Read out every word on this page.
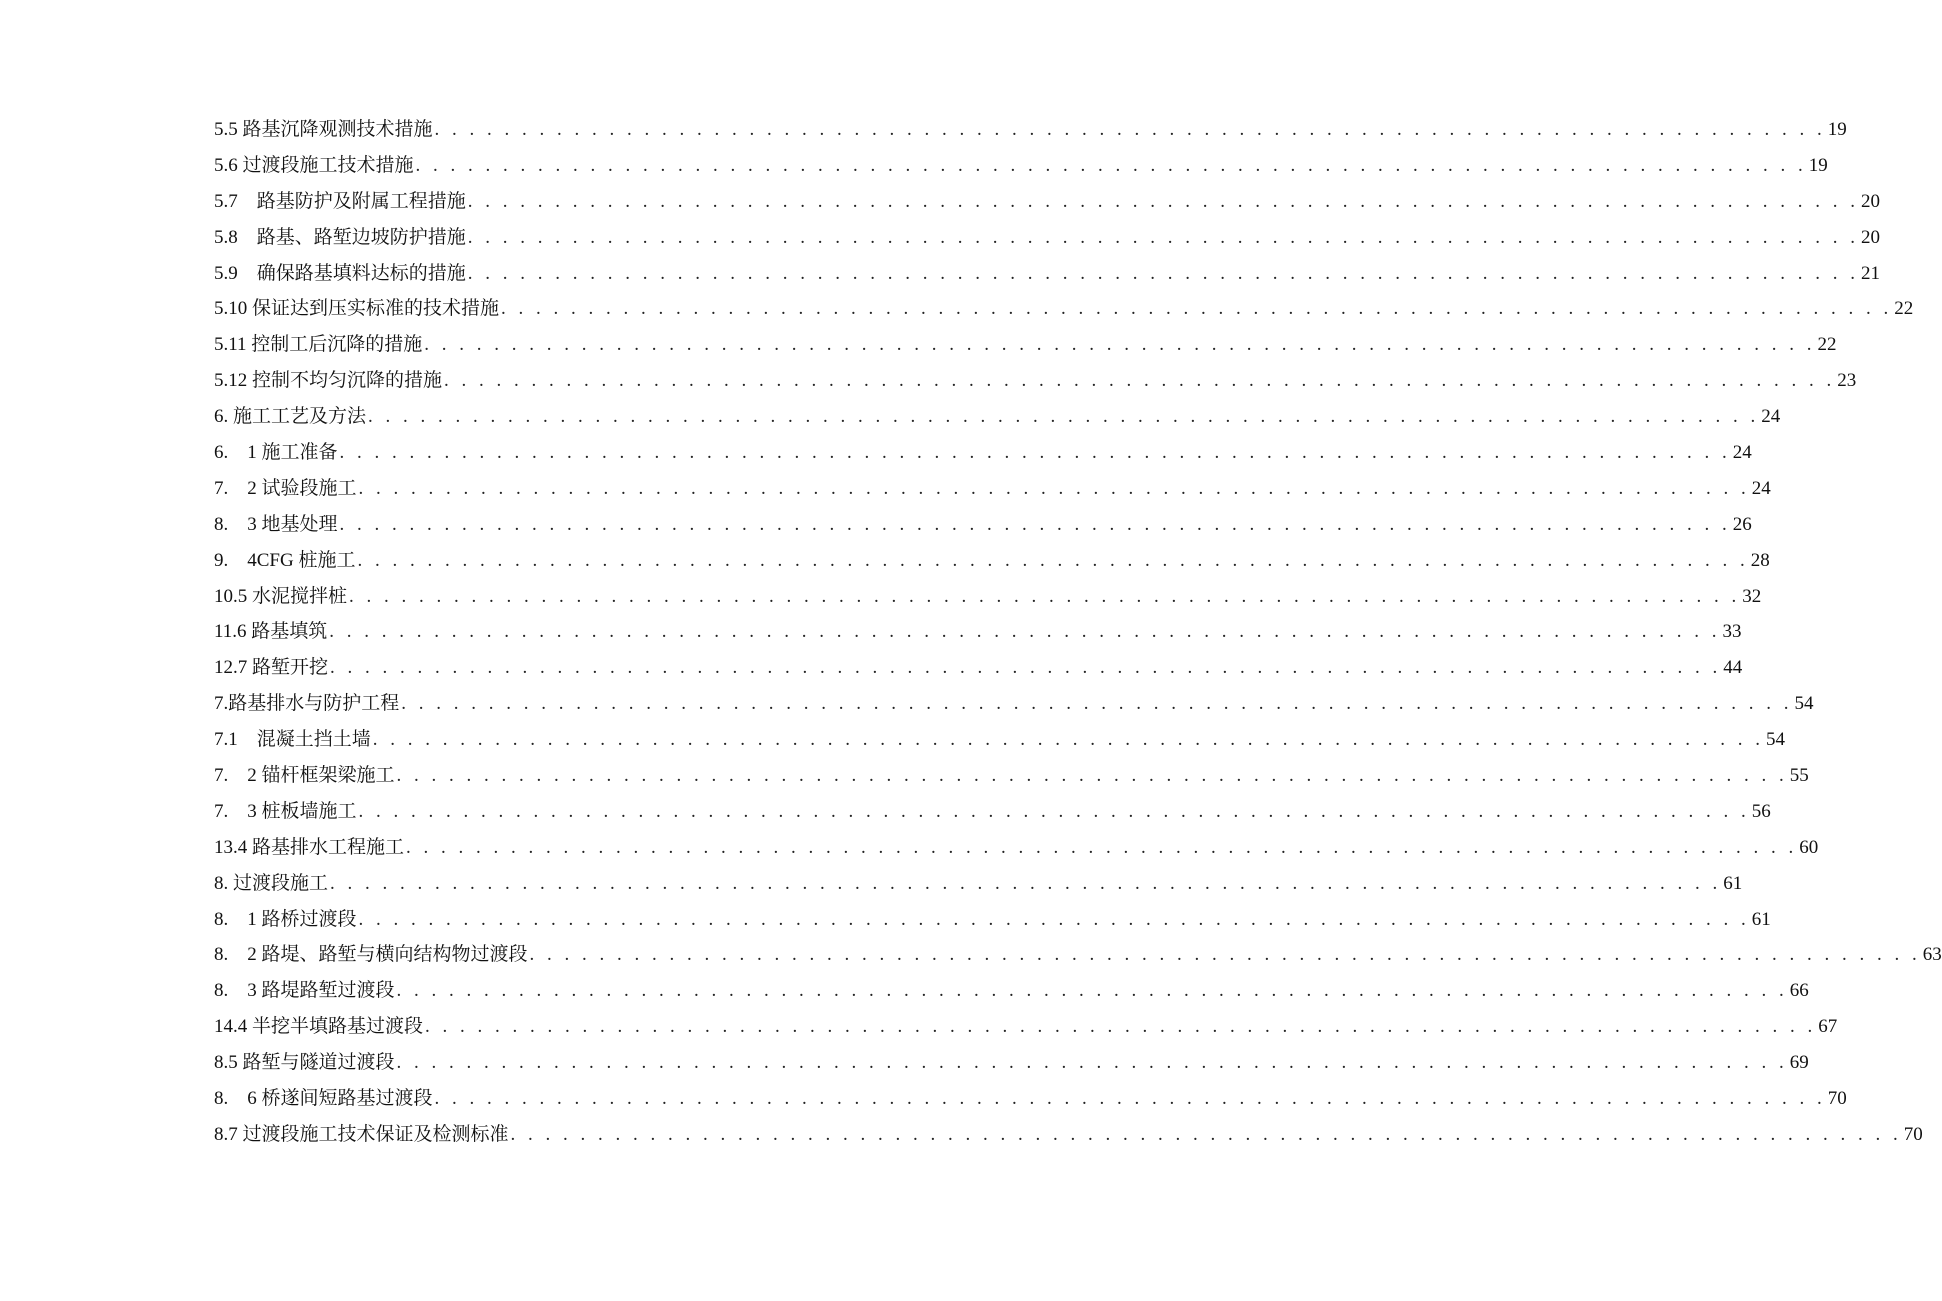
5.5 路基沉降观测技术措施 . . . . . . . . . . . . . . . . . . . . . . . . . . . . . . . . . . . . . . . . . . . . . . . . . . . . . . . . . . . . . . . . . . . . . . . . . . . . . . . . 19
5.6 过渡段施工技术措施 . . . . . . . . . . . . . . . . . . . . . . . . . . . . . . . . . . . . . . . . . . . . . . . . . . . . . . . . . . . . . . . . . . . . . . . . . . . . . . . . 19
5.7　路基防护及附属工程措施 . . . . . . . . . . . . . . . . . . . . . . . . . . . . . . . . . . . . . . . . . . . . . . . . . . . . . . . . . . . . . . . . . . . . . . . . . . . . . . . . 20
5.8　路基、路堑边坡防护措施 . . . . . . . . . . . . . . . . . . . . . . . . . . . . . . . . . . . . . . . . . . . . . . . . . . . . . . . . . . . . . . . . . . . . . . . . . . . . . . . . 20
5.9　确保路基填料达标的措施 . . . . . . . . . . . . . . . . . . . . . . . . . . . . . . . . . . . . . . . . . . . . . . . . . . . . . . . . . . . . . . . . . . . . . . . . . . . . . . . . 21
5.10 保证达到压实标准的技术措施 . . . . . . . . . . . . . . . . . . . . . . . . . . . . . . . . . . . . . . . . . . . . . . . . . . . . . . . . . . . . . . . . . . . . . . . . . . . . . . . . 22
5.11 控制工后沉降的措施 . . . . . . . . . . . . . . . . . . . . . . . . . . . . . . . . . . . . . . . . . . . . . . . . . . . . . . . . . . . . . . . . . . . . . . . . . . . . . . . . 22
5.12 控制不均匀沉降的措施 . . . . . . . . . . . . . . . . . . . . . . . . . . . . . . . . . . . . . . . . . . . . . . . . . . . . . . . . . . . . . . . . . . . . . . . . . . . . . . . . 23
6. 施工工艺及方法 . . . . . . . . . . . . . . . . . . . . . . . . . . . . . . . . . . . . . . . . . . . . . . . . . . . . . . . . . . . . . . . . . . . . . . . . . . . . . . . . 24
6.　1 施工准备 . . . . . . . . . . . . . . . . . . . . . . . . . . . . . . . . . . . . . . . . . . . . . . . . . . . . . . . . . . . . . . . . . . . . . . . . . . . . . . . . 24
7.　2 试验段施工 . . . . . . . . . . . . . . . . . . . . . . . . . . . . . . . . . . . . . . . . . . . . . . . . . . . . . . . . . . . . . . . . . . . . . . . . . . . . . . . . 24
8.　3 地基处理 . . . . . . . . . . . . . . . . . . . . . . . . . . . . . . . . . . . . . . . . . . . . . . . . . . . . . . . . . . . . . . . . . . . . . . . . . . . . . . . . 26
9.　4CFG 桩施工 . . . . . . . . . . . . . . . . . . . . . . . . . . . . . . . . . . . . . . . . . . . . . . . . . . . . . . . . . . . . . . . . . . . . . . . . . . . . . . . . 28
10.5 水泥搅拌桩 . . . . . . . . . . . . . . . . . . . . . . . . . . . . . . . . . . . . . . . . . . . . . . . . . . . . . . . . . . . . . . . . . . . . . . . . . . . . . . . . 32
11.6 路基填筑 . . . . . . . . . . . . . . . . . . . . . . . . . . . . . . . . . . . . . . . . . . . . . . . . . . . . . . . . . . . . . . . . . . . . . . . . . . . . . . . . 33
12.7 路堑开挖 . . . . . . . . . . . . . . . . . . . . . . . . . . . . . . . . . . . . . . . . . . . . . . . . . . . . . . . . . . . . . . . . . . . . . . . . . . . . . . . . 44
7.路基排水与防护工程 . . . . . . . . . . . . . . . . . . . . . . . . . . . . . . . . . . . . . . . . . . . . . . . . . . . . . . . . . . . . . . . . . . . . . . . . . . . . . . . . 54
7.1　混凝土挡土墙 . . . . . . . . . . . . . . . . . . . . . . . . . . . . . . . . . . . . . . . . . . . . . . . . . . . . . . . . . . . . . . . . . . . . . . . . . . . . . . . . 54
7.　2 锚杆框架梁施工 . . . . . . . . . . . . . . . . . . . . . . . . . . . . . . . . . . . . . . . . . . . . . . . . . . . . . . . . . . . . . . . . . . . . . . . . . . . . . . . . 55
7.　3 桩板墙施工 . . . . . . . . . . . . . . . . . . . . . . . . . . . . . . . . . . . . . . . . . . . . . . . . . . . . . . . . . . . . . . . . . . . . . . . . . . . . . . . . 56
13.4 路基排水工程施工 . . . . . . . . . . . . . . . . . . . . . . . . . . . . . . . . . . . . . . . . . . . . . . . . . . . . . . . . . . . . . . . . . . . . . . . . . . . . . . . . 60
8. 过渡段施工 . . . . . . . . . . . . . . . . . . . . . . . . . . . . . . . . . . . . . . . . . . . . . . . . . . . . . . . . . . . . . . . . . . . . . . . . . . . . . . . . 61
8.　1 路桥过渡段 . . . . . . . . . . . . . . . . . . . . . . . . . . . . . . . . . . . . . . . . . . . . . . . . . . . . . . . . . . . . . . . . . . . . . . . . . . . . . . . . 61
8.　2 路堤、路堑与横向结构物过渡段 . . . . . . . . . . . . . . . . . . . . . . . . . . . . . . . . . . . . . . . . . . . . . . . . . . . . . . . . . . . . . . . . . . . . . . . . . . . . . . . . 63
8.　3 路堤路堑过渡段 . . . . . . . . . . . . . . . . . . . . . . . . . . . . . . . . . . . . . . . . . . . . . . . . . . . . . . . . . . . . . . . . . . . . . . . . . . . . . . . . 66
14.4 半挖半填路基过渡段 . . . . . . . . . . . . . . . . . . . . . . . . . . . . . . . . . . . . . . . . . . . . . . . . . . . . . . . . . . . . . . . . . . . . . . . . . . . . . . . . 67
8.5 路堑与隧道过渡段 . . . . . . . . . . . . . . . . . . . . . . . . . . . . . . . . . . . . . . . . . . . . . . . . . . . . . . . . . . . . . . . . . . . . . . . . . . . . . . . . 69
8.　6 桥遂间短路基过渡段 . . . . . . . . . . . . . . . . . . . . . . . . . . . . . . . . . . . . . . . . . . . . . . . . . . . . . . . . . . . . . . . . . . . . . . . . . . . . . . . . 70
8.7 过渡段施工技术保证及检测标准 . . . . . . . . . . . . . . . . . . . . . . . . . . . . . . . . . . . . . . . . . . . . . . . . . . . . . . . . . . . . . . . . . . . . . . . . . . . . . . . . 70
